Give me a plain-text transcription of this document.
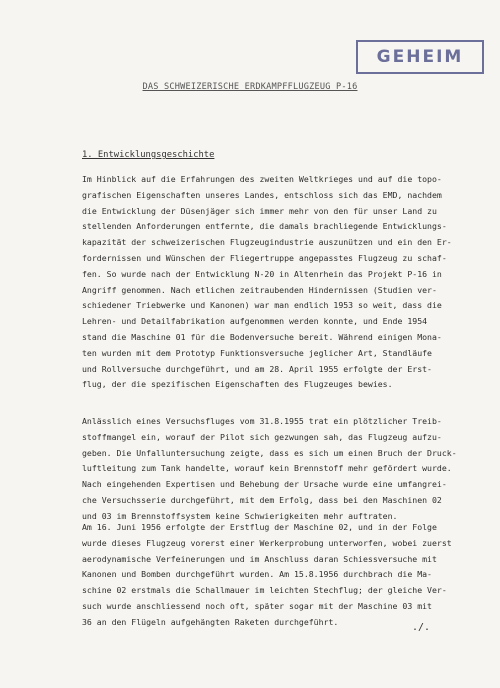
GEHEIM
DAS SCHWEIZERISCHE ERDKAMPFFLUGZEUG P-16
1. Entwicklungsgeschichte
Im Hinblick auf die Erfahrungen des zweiten Weltkrieges und auf die topo-
grafischen Eigenschaften unseres Landes, entschloss sich das EMD, nachdem
die Entwicklung der Düsenjäger sich immer mehr von den für unser Land zu
stellenden Anforderungen entfernte, die damals brachliegende Entwicklungs-
kapazität der schweizerischen Flugzeugindustrie auszunützen und ein den Er-
fordernissen und Wünschen der Fliegertruppe angepasstes Flugzeug zu schaf-
fen. So wurde nach der Entwicklung N-20 in Altenrhein das Projekt P-16 in
Angriff genommen. Nach etlichen zeitraubenden Hindernissen (Studien ver-
schiedener Triebwerke und Kanonen) war man endlich 1953 so weit, dass die
Lehren- und Detailfabrikation aufgenommen werden konnte, und Ende 1954
stand die Maschine 01 für die Bodenversuche bereit. Während einigen Mona-
ten wurden mit dem Prototyp Funktionsversuche jeglicher Art, Standläufe
und Rollversuche durchgeführt, und am 28. April 1955 erfolgte der Erst-
flug, der die spezifischen Eigenschaften des Flugzeuges bewies.
Anlässlich eines Versuchsfluges vom 31.8.1955 trat ein plötzlicher Treib-
stoffmangel ein, worauf der Pilot sich gezwungen sah, das Flugzeug aufzu-
geben. Die Unfalluntersuchung zeigte, dass es sich um einen Bruch der Druck-
luftleitung zum Tank handelte, worauf kein Brennstoff mehr gefördert wurde.
Nach eingehenden Expertisen und Behebung der Ursache wurde eine umfangrei-
che Versuchsserie durchgeführt, mit dem Erfolg, dass bei den Maschinen 02
und 03 im Brennstoffsystem keine Schwierigkeiten mehr auftraten.
Am 16. Juni 1956 erfolgte der Erstflug der Maschine 02, und in der Folge
wurde dieses Flugzeug vorerst einer Werkerprobung unterworfen, wobei zuerst
aerodynamische Verfeinerungen und im Anschluss daran Schiessversuche mit
Kanonen und Bomben durchgeführt wurden. Am 15.8.1956 durchbrach die Ma-
schine 02 erstmals die Schallmauer im leichten Stechflug; der gleiche Ver-
such wurde anschliessend noch oft, später sogar mit der Maschine 03 mit
36 an den Flügeln aufgehängten Raketen durchgeführt.
./.
